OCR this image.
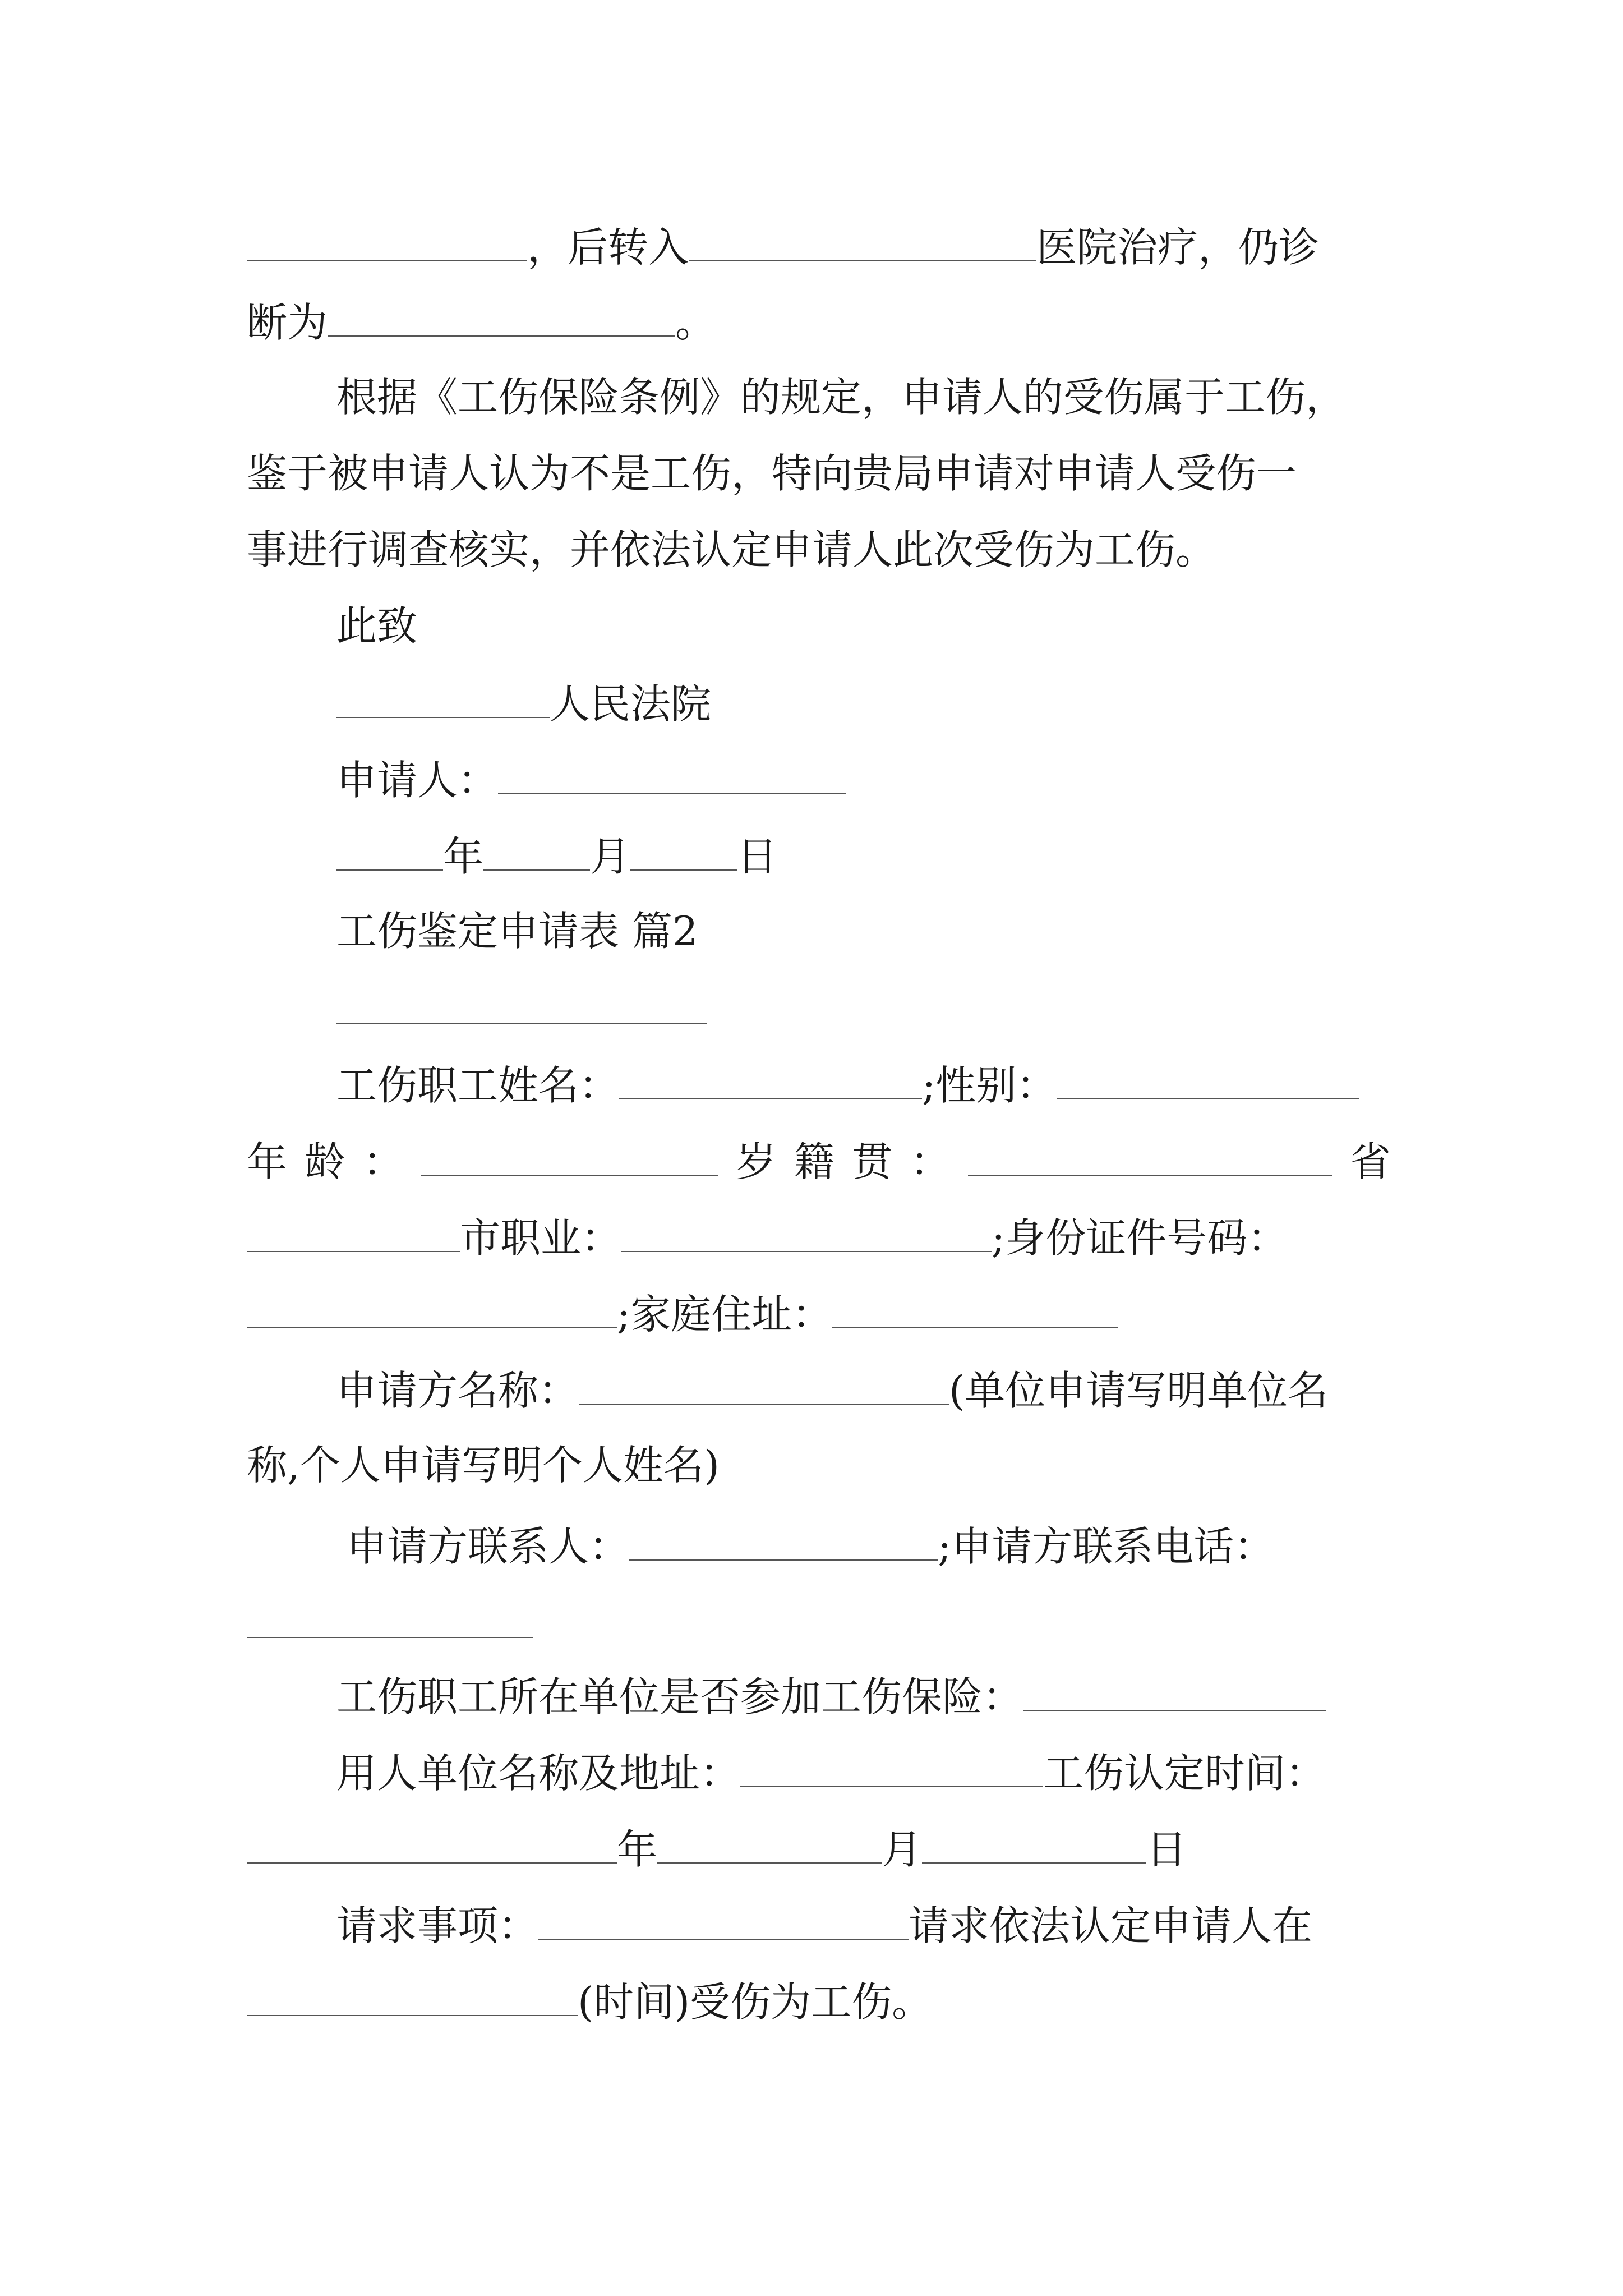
，后转入	医院治疗，仍诊
断为	。
根据《工伤保险条例》的规定，申请人的受伤属于工伤，
鉴于被申请人认为不是工伤，特向贵局申请对申请人受伤一
事进行调查核实，并依法认定申请人此次受伤为工伤。
此致
人民法院
申请人：
年	月	日
工伤鉴定申请表 篇2
工伤职工姓名：	;性别：
年 龄 ：	岁 籍 贯 ：	省
市职业：	;身份证件号码：
;家庭住址：
申请方名称：	(单位申请写明单位名
称,个人申请写明个人姓名)
申请方联系人：	;申请方联系电话：
工伤职工所在单位是否参加工伤保险：
用人单位名称及地址：	工伤认定时间：
年	月	日
请求事项：	请求依法认定申请人在
(时间)受伤为工伤。
